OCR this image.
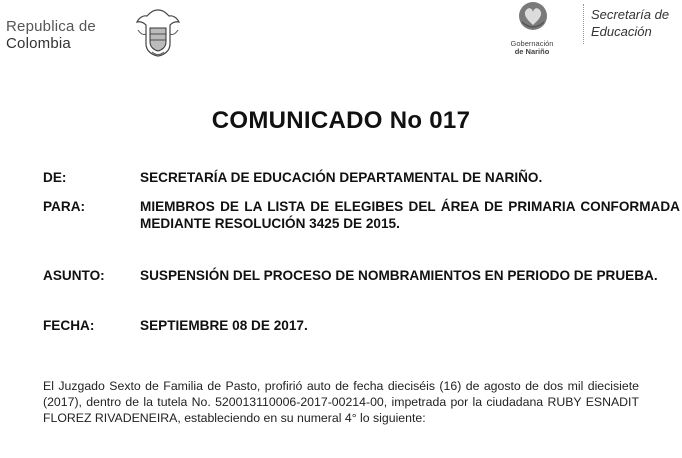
Republica de
Colombia	Gobernación
de Nariño
Secretaría de
Educación
COMUNICADO No 017
DE:	SECRETARÍA DE EDUCACIÓN DEPARTAMENTAL DE NARIÑO.
PARA:	MIEMBROS DE LA LISTA DE ELEGIBES DEL ÁREA DE PRIMARIA CONFORMADA MEDIANTE RESOLUCIÓN 3425 DE 2015.
ASUNTO:	SUSPENSIÓN DEL PROCESO DE NOMBRAMIENTOS EN PERIODO DE PRUEBA.
FECHA:	SEPTIEMBRE 08 DE 2017.
El Juzgado Sexto de Familia de Pasto, profirió auto de fecha dieciséis (16) de agosto de dos mil diecisiete (2017), dentro de la tutela No. 520013110006-2017-00214-00, impetrada por la ciudadana RUBY ESNADIT FLOREZ RIVADENEIRA, estableciendo en su numeral 4° lo siguiente:
